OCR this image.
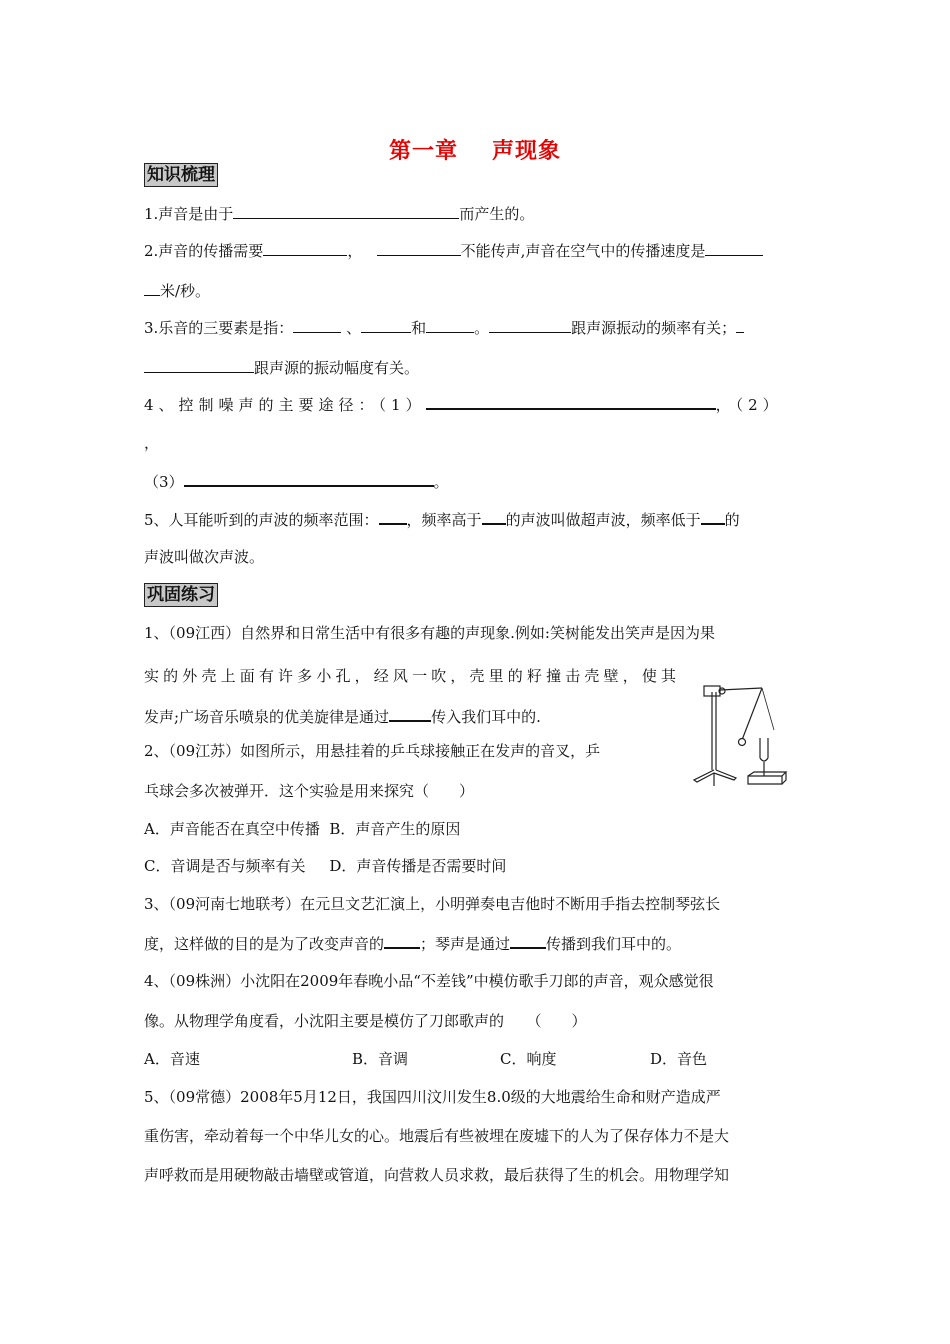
第一章 声现象
知识梳理
1.声音是由于	而产生的。
2.声音的传播需要	，	不能传声,声音在空气中的传播速度是
米/秒。
3.乐音的三要素是指：	、	和	。	跟声源振动的频率有关；
跟声源的振动幅度有关。
4、控制噪声的主要途径：（1）	，（2）
，
（3）	。
5、人耳能听到的声波的频率范围： ，频率高于 的声波叫做超声波，频率低于 的
声波叫做次声波。
巩固练习
1、（09江西）自然界和日常生活中有很多有趣的声现象.例如:笑树能发出笑声是因为果
实的外壳上面有许多小孔，经风一吹，壳里的籽撞击壳壁，使其
发声;广场音乐喷泉的优美旋律是通过	传入我们耳中的.
2、（09江苏）如图所示，用悬挂着的乒乓球接触正在发声的音叉，乒
乓球会多次被弹开．这个实验是用来探究（　　）
A．声音能否在真空中传播 B．声音产生的原因
C．音调是否与频率有关 D．声音传播是否需要时间
3、（09河南七地联考）在元旦文艺汇演上，小明弹奏电吉他时不断用手指去控制琴弦长
度，这样做的目的是为了改变声音的 ；琴声是通过 传播到我们耳中的。
4、（09株洲）小沈阳在2009年春晚小品“不差钱”中模仿歌手刀郎的声音，观众感觉很
像。从物理学角度看，小沈阳主要是模仿了刀郎歌声的　　（　　）
A．音速	B．音调	C．响度	D．音色
5、（09常德）2008年5月12日，我国四川汶川发生8.0级的大地震给生命和财产造成严
重伤害，牵动着每一个中华儿女的心。地震后有些被埋在废墟下的人为了保存体力不是大
声呼救而是用硬物敲击墙壁或管道，向营救人员求救，最后获得了生的机会。用物理学知
